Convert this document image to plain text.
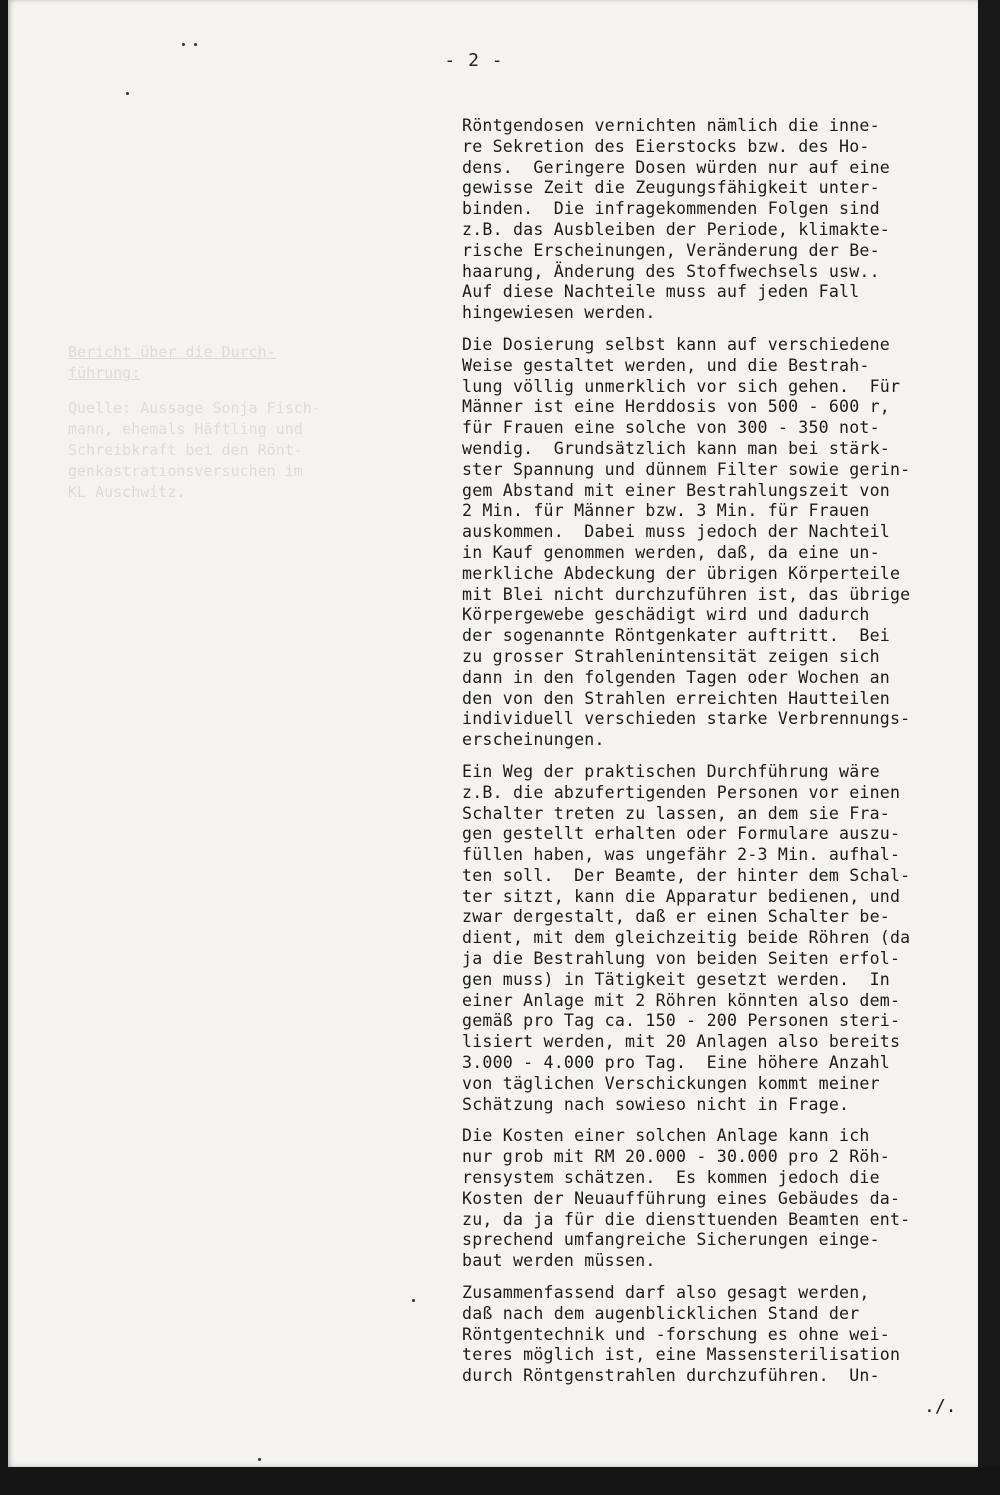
- 2 -
Bericht über die Durch-
führung:
Quelle: Aussage Sonja Fisch-
mann, ehemals Häftling und
Schreibkraft bei den Rönt-
genkastrationsversuchen im
KL Auschwitz.

Röntgendosen vernichten nämlich die inne-
re Sekretion des Eierstocks bzw. des Ho-
dens.  Geringere Dosen würden nur auf eine
gewisse Zeit die Zeugungsfähigkeit unter-
binden.  Die infragekommenden Folgen sind
z.B. das Ausbleiben der Periode, klimakte-
rische Erscheinungen, Veränderung der Be-
haarung, Änderung des Stoffwechsels usw..
Auf diese Nachteile muss auf jeden Fall
hingewiesen werden.

Die Dosierung selbst kann auf verschiedene
Weise gestaltet werden, und die Bestrah-
lung völlig unmerklich vor sich gehen.  Für
Männer ist eine Herddosis von 500 - 600 r,
für Frauen eine solche von 300 - 350 not-
wendig.  Grundsätzlich kann man bei stärk-
ster Spannung und dünnem Filter sowie gerin-
gem Abstand mit einer Bestrahlungszeit von
2 Min. für Männer bzw. 3 Min. für Frauen
auskommen.  Dabei muss jedoch der Nachteil
in Kauf genommen werden, daß, da eine un-
merkliche Abdeckung der übrigen Körperteile
mit Blei nicht durchzuführen ist, das übrige
Körpergewebe geschädigt wird und dadurch
der sogenannte Röntgenkater auftritt.  Bei
zu grosser Strahlenintensität zeigen sich
dann in den folgenden Tagen oder Wochen an
den von den Strahlen erreichten Hautteilen
individuell verschieden starke Verbrennungs-
erscheinungen.

Ein Weg der praktischen Durchführung wäre
z.B. die abzufertigenden Personen vor einen
Schalter treten zu lassen, an dem sie Fra-
gen gestellt erhalten oder Formulare auszu-
füllen haben, was ungefähr 2-3 Min. aufhal-
ten soll.  Der Beamte, der hinter dem Schal-
ter sitzt, kann die Apparatur bedienen, und
zwar dergestalt, daß er einen Schalter be-
dient, mit dem gleichzeitig beide Röhren (da
ja die Bestrahlung von beiden Seiten erfol-
gen muss) in Tätigkeit gesetzt werden.  In
einer Anlage mit 2 Röhren könnten also dem-
gemäß pro Tag ca. 150 - 200 Personen steri-
lisiert werden, mit 20 Anlagen also bereits
3.000 - 4.000 pro Tag.  Eine höhere Anzahl
von täglichen Verschickungen kommt meiner
Schätzung nach sowieso nicht in Frage.

Die Kosten einer solchen Anlage kann ich
nur grob mit RM 20.000 - 30.000 pro 2 Röh-
rensystem schätzen.  Es kommen jedoch die
Kosten der Neuaufführung eines Gebäudes da-
zu, da ja für die diensttuenden Beamten ent-
sprechend umfangreiche Sicherungen einge-
baut werden müssen.

Zusammenfassend darf also gesagt werden,
daß nach dem augenblicklichen Stand der
Röntgentechnik und -forschung es ohne wei-
teres möglich ist, eine Massensterilisation
durch Röntgenstrahlen durchzuführen.  Un-

./.
